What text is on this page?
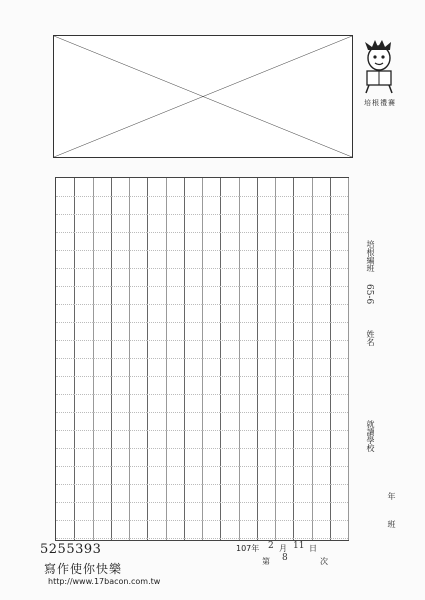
培根禮賽
培根編班
65-6
姓名
就讀學校
年
班
5255393
寫作使你快樂
http://www.17bacon.com.tw
107年 2 月 11 日
第 8	次
